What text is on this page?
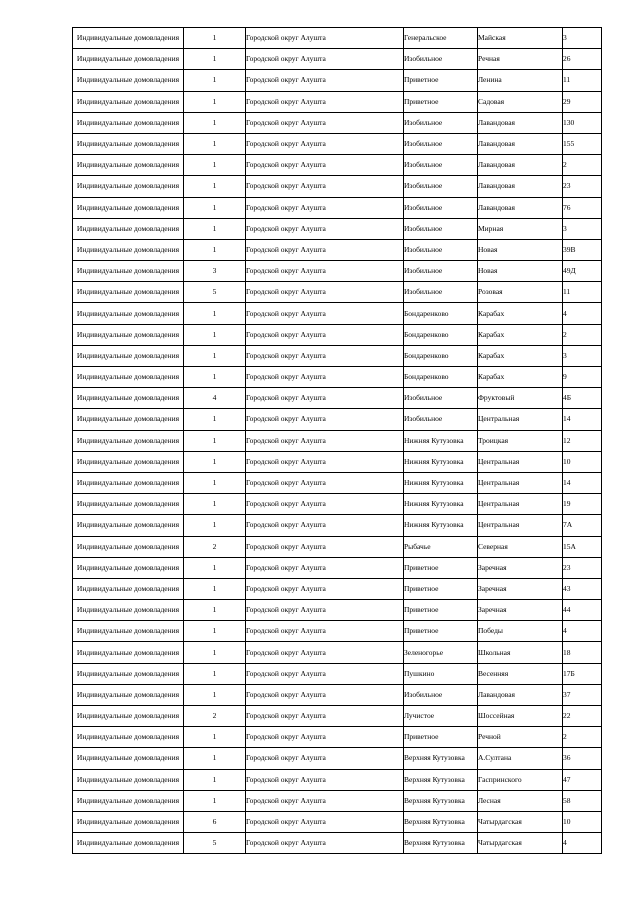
Индивидуальные домовладения	1	Городской округ Алушта	Генеральское	Майская	3
Индивидуальные домовладения	1	Городской округ Алушта	Изобильное	Речная	26
Индивидуальные домовладения	1	Городской округ Алушта	Приветное	Ленина	11
Индивидуальные домовладения	1	Городской округ Алушта	Приветное	Садовая	29
Индивидуальные домовладения	1	Городской округ Алушта	Изобильное	Лавандовая	130
Индивидуальные домовладения	1	Городской округ Алушта	Изобильное	Лавандовая	155
Индивидуальные домовладения	1	Городской округ Алушта	Изобильное	Лавандовая	2
Индивидуальные домовладения	1	Городской округ Алушта	Изобильное	Лавандовая	23
Индивидуальные домовладения	1	Городской округ Алушта	Изобильное	Лавандовая	76
Индивидуальные домовладения	1	Городской округ Алушта	Изобильное	Мирная	3
Индивидуальные домовладения	1	Городской округ Алушта	Изобильное	Новая	39В
Индивидуальные домовладения	3	Городской округ Алушта	Изобильное	Новая	49Д
Индивидуальные домовладения	5	Городской округ Алушта	Изобильное	Розовая	11
Индивидуальные домовладения	1	Городской округ Алушта	Бондаренково	Карабах	4
Индивидуальные домовладения	1	Городской округ Алушта	Бондаренково	Карабах	2
Индивидуальные домовладения	1	Городской округ Алушта	Бондаренково	Карабах	3
Индивидуальные домовладения	1	Городской округ Алушта	Бондаренково	Карабах	9
Индивидуальные домовладения	4	Городской округ Алушта	Изобильное	Фруктовый	4Б
Индивидуальные домовладения	1	Городской округ Алушта	Изобильное	Центральная	14
Индивидуальные домовладения	1	Городской округ Алушта	Нижняя Кутузовка	Троицкая	12
Индивидуальные домовладения	1	Городской округ Алушта	Нижняя Кутузовка	Центральная	10
Индивидуальные домовладения	1	Городской округ Алушта	Нижняя Кутузовка	Центральная	14
Индивидуальные домовладения	1	Городской округ Алушта	Нижняя Кутузовка	Центральная	19
Индивидуальные домовладения	1	Городской округ Алушта	Нижняя Кутузовка	Центральная	7А
Индивидуальные домовладения	2	Городской округ Алушта	Рыбачье	Северная	15А
Индивидуальные домовладения	1	Городской округ Алушта	Приветное	Заречная	23
Индивидуальные домовладения	1	Городской округ Алушта	Приветное	Заречная	43
Индивидуальные домовладения	1	Городской округ Алушта	Приветное	Заречная	44
Индивидуальные домовладения	1	Городской округ Алушта	Приветное	Победы	4
Индивидуальные домовладения	1	Городской округ Алушта	Зеленогорье	Школьная	18
Индивидуальные домовладения	1	Городской округ Алушта	Пушкино	Весенняя	17Б
Индивидуальные домовладения	1	Городской округ Алушта	Изобильное	Лавандовая	37
Индивидуальные домовладения	2	Городской округ Алушта	Лучистое	Шоссейная	22
Индивидуальные домовладения	1	Городской округ Алушта	Приветное	Речной	2
Индивидуальные домовладения	1	Городской округ Алушта	Верхняя Кутузовка	А.Султана	36
Индивидуальные домовладения	1	Городской округ Алушта	Верхняя Кутузовка	Гаспринского	47
Индивидуальные домовладения	1	Городской округ Алушта	Верхняя Кутузовка	Лесная	58
Индивидуальные домовладения	6	Городской округ Алушта	Верхняя Кутузовка	Чатырдагская	10
Индивидуальные домовладения	5	Городской округ Алушта	Верхняя Кутузовка	Чатырдагская	4
